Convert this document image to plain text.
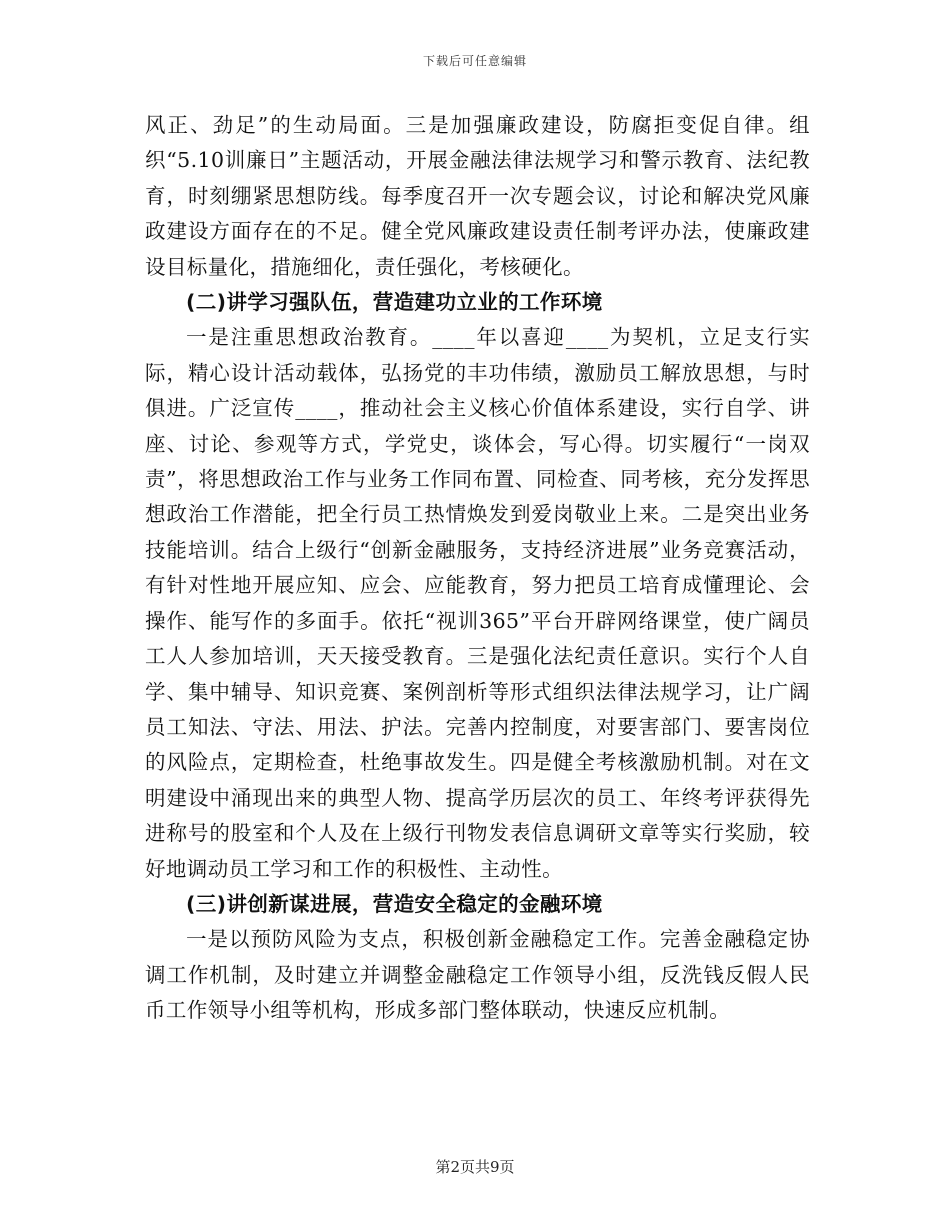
下载后可任意编辑

风正、劲足”的生动局面。三是加强廉政建设，防腐拒变促自律。组织“5.10训廉日”主题活动，开展金融法律法规学习和警示教育、法纪教育，时刻绷紧思想防线。每季度召开一次专题会议，讨论和解决党风廉政建设方面存在的不足。健全党风廉政建设责任制考评办法，使廉政建设目标量化，措施细化，责任强化，考核硬化。

(二)讲学习强队伍，营造建功立业的工作环境

一是注重思想政治教育。____年以喜迎____为契机，立足支行实际，精心设计活动载体，弘扬党的丰功伟绩，激励员工解放思想，与时俱进。广泛宣传____，推动社会主义核心价值体系建设，实行自学、讲座、讨论、参观等方式，学党史，谈体会，写心得。切实履行“一岗双责”，将思想政治工作与业务工作同布置、同检查、同考核，充分发挥思想政治工作潜能，把全行员工热情焕发到爱岗敬业上来。二是突出业务技能培训。结合上级行“创新金融服务，支持经济进展”业务竞赛活动，有针对性地开展应知、应会、应能教育，努力把员工培育成懂理论、会操作、能写作的多面手。依托“视训365”平台开辟网络课堂，使广阔员工人人参加培训，天天接受教育。三是强化法纪责任意识。实行个人自学、集中辅导、知识竞赛、案例剖析等形式组织法律法规学习，让广阔员工知法、守法、用法、护法。完善内控制度，对要害部门、要害岗位的风险点，定期检查，杜绝事故发生。四是健全考核激励机制。对在文明建设中涌现出来的典型人物、提高学历层次的员工、年终考评获得先进称号的股室和个人及在上级行刊物发表信息调研文章等实行奖励，较好地调动员工学习和工作的积极性、主动性。

(三)讲创新谋进展，营造安全稳定的金融环境

一是以预防风险为支点，积极创新金融稳定工作。完善金融稳定协调工作机制，及时建立并调整金融稳定工作领导小组，反洗钱反假人民币工作领导小组等机构，形成多部门整体联动，快速反应机制。

第2页共9页
